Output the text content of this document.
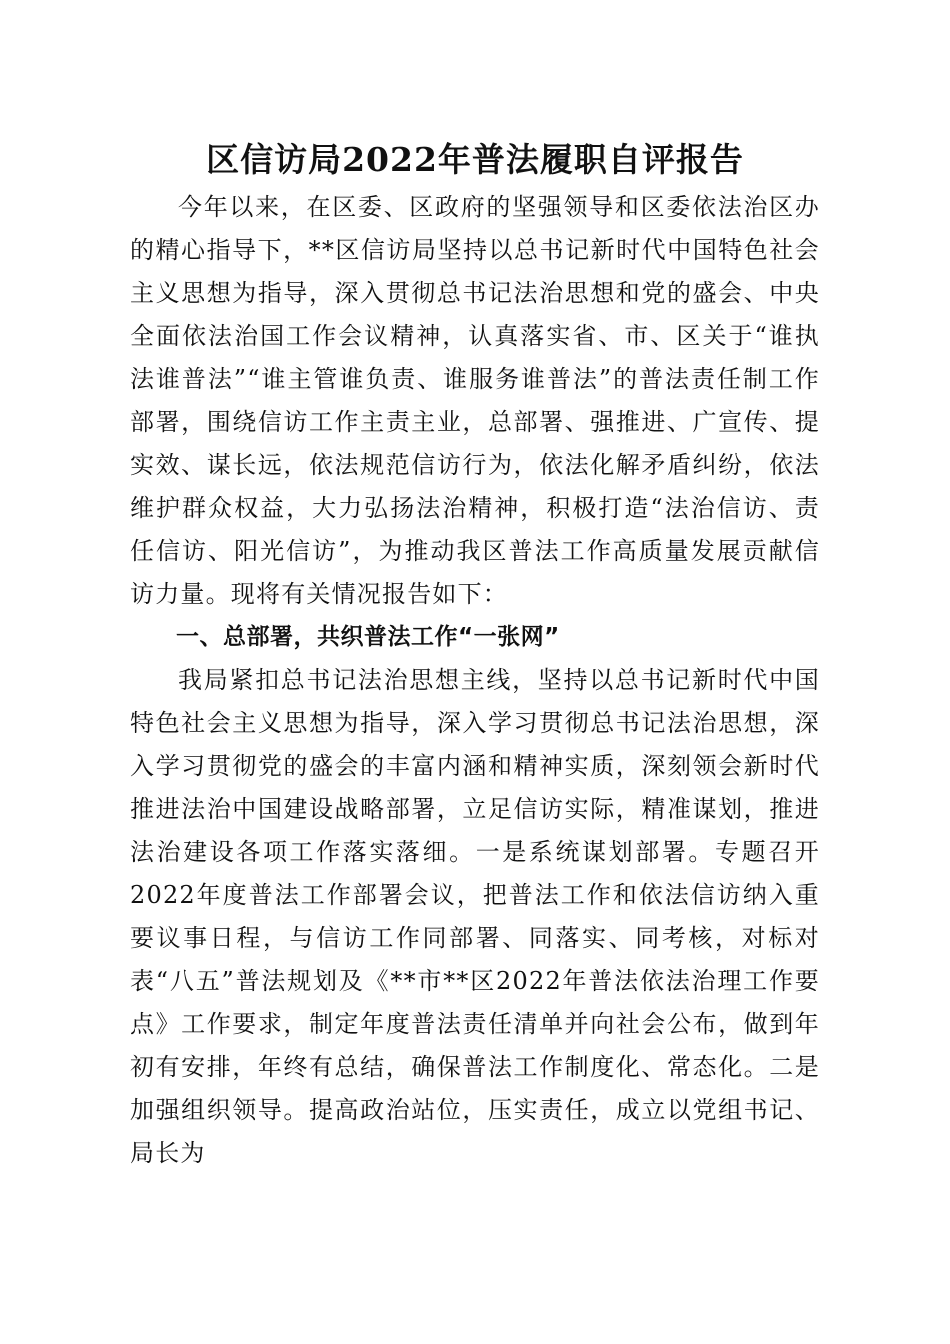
区信访局2022年普法履职自评报告

今年以来，在区委、区政府的坚强领导和区委依法治区办的精心指导下，**区信访局坚持以总书记新时代中国特色社会主义思想为指导，深入贯彻总书记法治思想和党的盛会、中央全面依法治国工作会议精神，认真落实省、市、区关于“谁执法谁普法”“谁主管谁负责、谁服务谁普法”的普法责任制工作部署，围绕信访工作主责主业，总部署、强推进、广宣传、提实效、谋长远，依法规范信访行为，依法化解矛盾纠纷，依法维护群众权益，大力弘扬法治精神，积极打造“法治信访、责任信访、阳光信访”，为推动我区普法工作高质量发展贡献信访力量。现将有关情况报告如下：

一、总部署，共织普法工作“一张网”

我局紧扣总书记法治思想主线，坚持以总书记新时代中国特色社会主义思想为指导，深入学习贯彻总书记法治思想，深入学习贯彻党的盛会的丰富内涵和精神实质，深刻领会新时代推进法治中国建设战略部署，立足信访实际，精准谋划，推进法治建设各项工作落实落细。一是系统谋划部署。专题召开2022年度普法工作部署会议，把普法工作和依法信访纳入重要议事日程，与信访工作同部署、同落实、同考核，对标对表“八五”普法规划及《**市**区2022年普法依法治理工作要点》工作要求，制定年度普法责任清单并向社会公布，做到年初有安排，年终有总结，确保普法工作制度化、常态化。二是加强组织领导。提高政治站位，压实责任，成立以党组书记、局长为
